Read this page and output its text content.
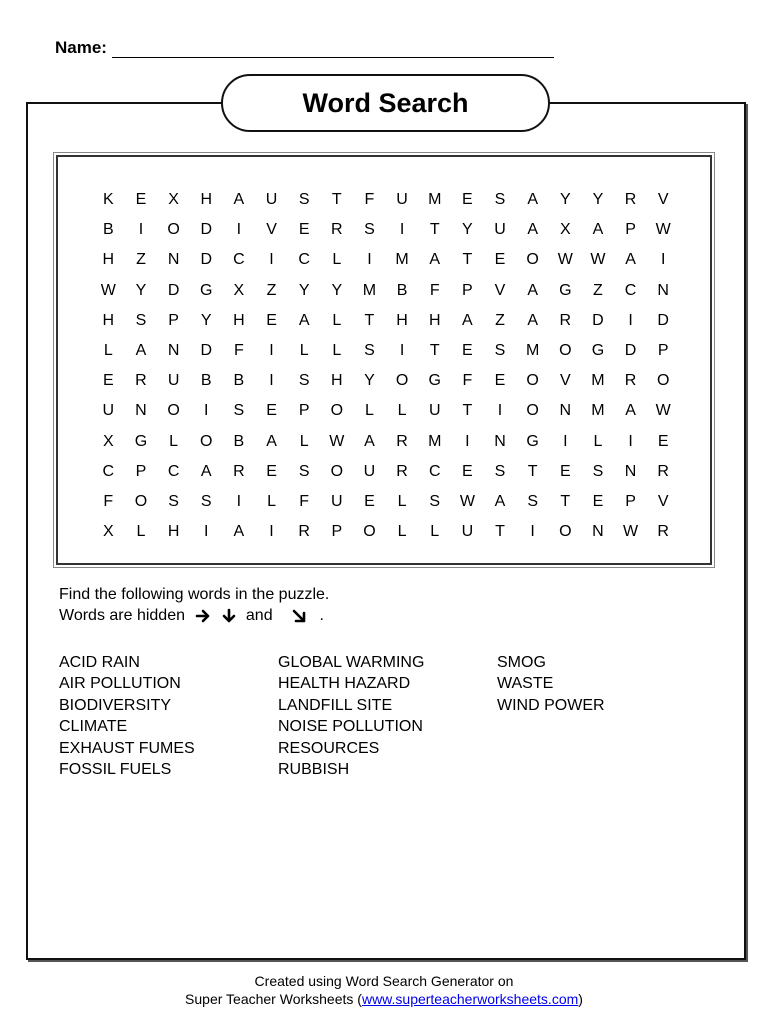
Name:
Word Search
K	E	X	H	A	U	S	T	F	U	M	E	S	A	Y	Y	R	V
B	I	O	D	I	V	E	R	S	I	T	Y	U	A	X	A	P	W
H	Z	N	D	C	I	C	L	I	M	A	T	E	O	W	W	A	I
W	Y	D	G	X	Z	Y	Y	M	B	F	P	V	A	G	Z	C	N
H	S	P	Y	H	E	A	L	T	H	H	A	Z	A	R	D	I	D
L	A	N	D	F	I	L	L	S	I	T	E	S	M	O	G	D	P
E	R	U	B	B	I	S	H	Y	O	G	F	E	O	V	M	R	O
U	N	O	I	S	E	P	O	L	L	U	T	I	O	N	M	A	W
X	G	L	O	B	A	L	W	A	R	M	I	N	G	I	L	I	E
C	P	C	A	R	E	S	O	U	R	C	E	S	T	E	S	N	R
F	O	S	S	I	L	F	U	E	L	S	W	A	S	T	E	P	V
X	L	H	I	A	I	R	P	O	L	L	U	T	I	O	N	W	R
Find the following words in the puzzle.
Words are hidden	and	.
ACID RAIN
AIR POLLUTION
BIODIVERSITY
CLIMATE
EXHAUST FUMES
FOSSIL FUELS
GLOBAL WARMING
HEALTH HAZARD
LANDFILL SITE
NOISE POLLUTION
RESOURCES
RUBBISH
SMOG
WASTE
WIND POWER
Created using Word Search Generator on
Super Teacher Worksheets (www.superteacherworksheets.com)
